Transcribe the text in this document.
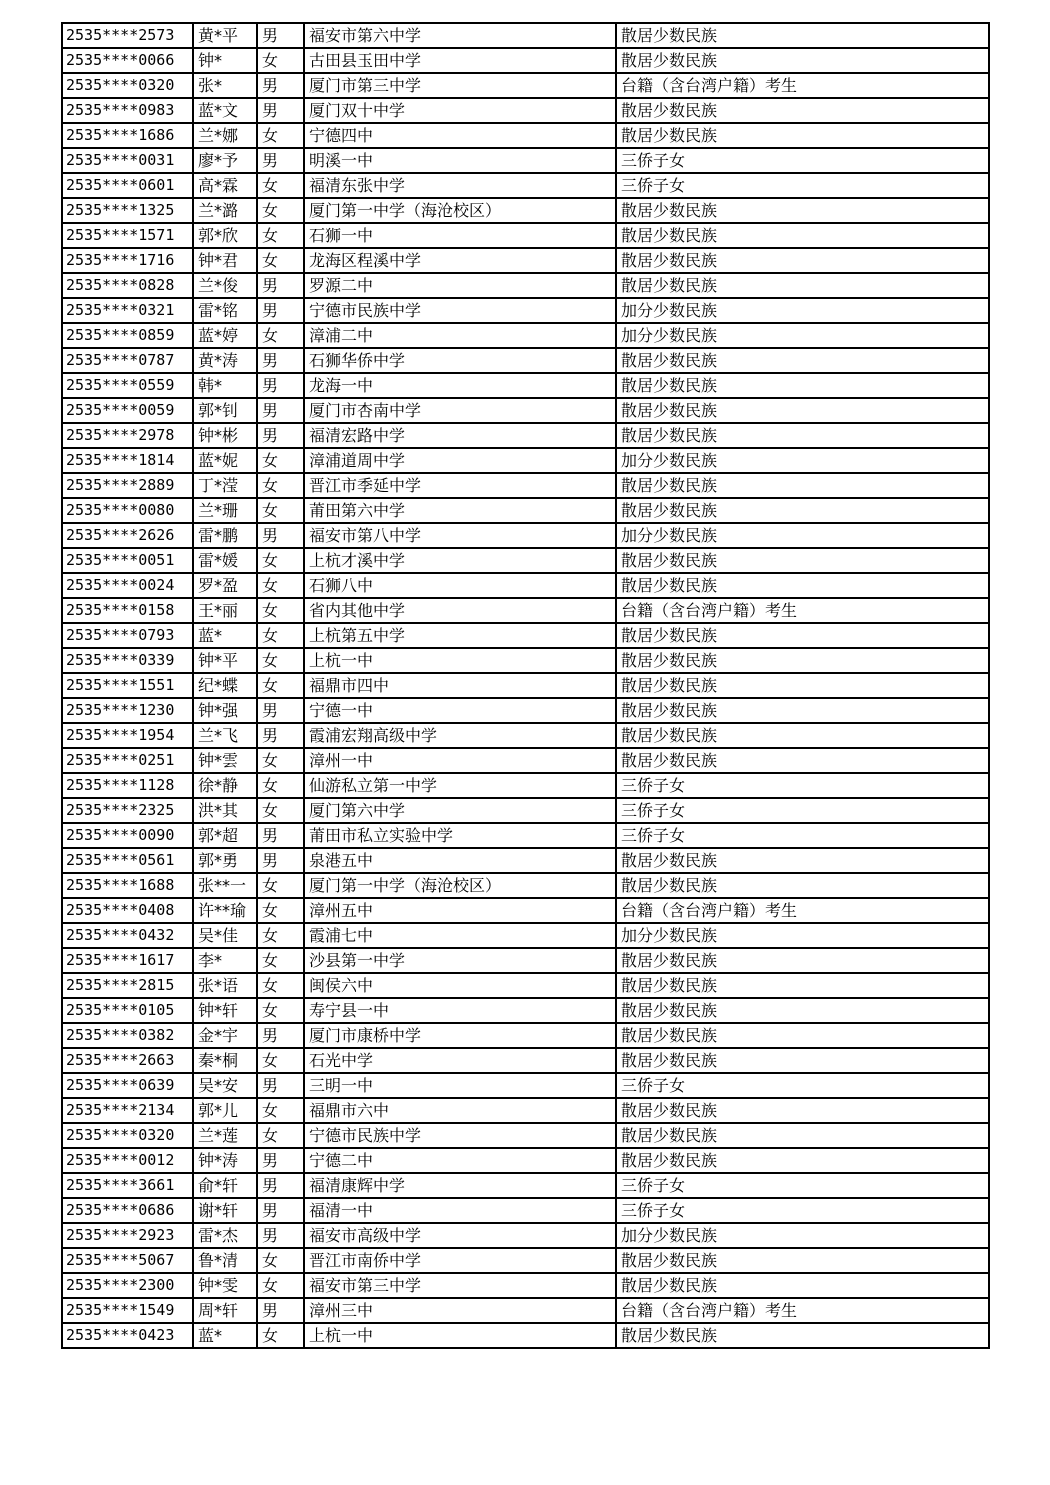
2535****2573	黄*平	男	福安市第六中学	散居少数民族
2535****0066	钟*	女	古田县玉田中学	散居少数民族
2535****0320	张*	男	厦门市第三中学	台籍（含台湾户籍）考生
2535****0983	蓝*文	男	厦门双十中学	散居少数民族
2535****1686	兰*娜	女	宁德四中	散居少数民族
2535****0031	廖*予	男	明溪一中	三侨子女
2535****0601	高*霖	女	福清东张中学	三侨子女
2535****1325	兰*潞	女	厦门第一中学（海沧校区）	散居少数民族
2535****1571	郭*欣	女	石狮一中	散居少数民族
2535****1716	钟*君	女	龙海区程溪中学	散居少数民族
2535****0828	兰*俊	男	罗源二中	散居少数民族
2535****0321	雷*铭	男	宁德市民族中学	加分少数民族
2535****0859	蓝*婷	女	漳浦二中	加分少数民族
2535****0787	黄*涛	男	石狮华侨中学	散居少数民族
2535****0559	韩*	男	龙海一中	散居少数民族
2535****0059	郭*钊	男	厦门市杏南中学	散居少数民族
2535****2978	钟*彬	男	福清宏路中学	散居少数民族
2535****1814	蓝*妮	女	漳浦道周中学	加分少数民族
2535****2889	丁*滢	女	晋江市季延中学	散居少数民族
2535****0080	兰*珊	女	莆田第六中学	散居少数民族
2535****2626	雷*鹏	男	福安市第八中学	加分少数民族
2535****0051	雷*媛	女	上杭才溪中学	散居少数民族
2535****0024	罗*盈	女	石狮八中	散居少数民族
2535****0158	王*丽	女	省内其他中学	台籍（含台湾户籍）考生
2535****0793	蓝*	女	上杭第五中学	散居少数民族
2535****0339	钟*平	女	上杭一中	散居少数民族
2535****1551	纪*蝶	女	福鼎市四中	散居少数民族
2535****1230	钟*强	男	宁德一中	散居少数民族
2535****1954	兰*飞	男	霞浦宏翔高级中学	散居少数民族
2535****0251	钟*雲	女	漳州一中	散居少数民族
2535****1128	徐*静	女	仙游私立第一中学	三侨子女
2535****2325	洪*其	女	厦门第六中学	三侨子女
2535****0090	郭*超	男	莆田市私立实验中学	三侨子女
2535****0561	郭*勇	男	泉港五中	散居少数民族
2535****1688	张**一	女	厦门第一中学（海沧校区）	散居少数民族
2535****0408	许**瑜	女	漳州五中	台籍（含台湾户籍）考生
2535****0432	吴*佳	女	霞浦七中	加分少数民族
2535****1617	李*	女	沙县第一中学	散居少数民族
2535****2815	张*语	女	闽侯六中	散居少数民族
2535****0105	钟*轩	女	寿宁县一中	散居少数民族
2535****0382	金*宇	男	厦门市康桥中学	散居少数民族
2535****2663	秦*桐	女	石光中学	散居少数民族
2535****0639	吴*安	男	三明一中	三侨子女
2535****2134	郭*儿	女	福鼎市六中	散居少数民族
2535****0320	兰*莲	女	宁德市民族中学	散居少数民族
2535****0012	钟*涛	男	宁德二中	散居少数民族
2535****3661	俞*轩	男	福清康辉中学	三侨子女
2535****0686	谢*轩	男	福清一中	三侨子女
2535****2923	雷*杰	男	福安市高级中学	加分少数民族
2535****5067	鲁*清	女	晋江市南侨中学	散居少数民族
2535****2300	钟*雯	女	福安市第三中学	散居少数民族
2535****1549	周*轩	男	漳州三中	台籍（含台湾户籍）考生
2535****0423	蓝*	女	上杭一中	散居少数民族
